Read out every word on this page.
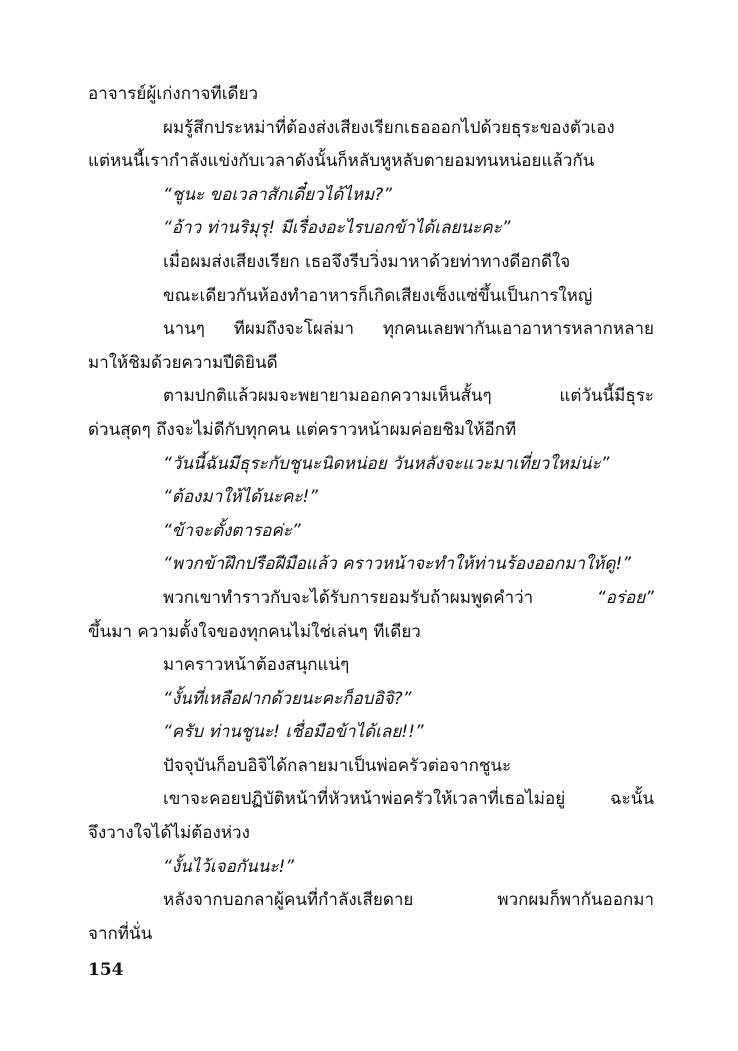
อาจารย์ผู้เก่งกาจทีเดียว
ผมรู้สึกประหม่าที่ต้องส่งเสียงเรียกเธอออกไปด้วยธุระของตัวเอง
แต่หนนี้เรากำลังแข่งกับเวลาดังนั้นก็หลับหูหลับตายอมทนหน่อยแล้วกัน
“ชูนะ ขอเวลาสักเดี๋ยวได้ไหม?”
“อ้าว ท่านริมุรุ! มีเรื่องอะไรบอกข้าได้เลยนะคะ”
เมื่อผมส่งเสียงเรียก เธอจึงรีบวิ่งมาหาด้วยท่าทางดีอกดีใจ
ขณะเดียวกันห้องทำอาหารก็เกิดเสียงเซ็งแซ่ขึ้นเป็นการใหญ่
นานๆ ทีผมถึงจะโผล่มา ทุกคนเลยพากันเอาอาหารหลากหลาย
มาให้ชิมด้วยความปีติยินดี
ตามปกติแล้วผมจะพยายามออกความเห็นสั้นๆ แต่วันนี้มีธุระ
ด่วนสุดๆ ถึงจะไม่ดีกับทุกคน แต่คราวหน้าผมค่อยชิมให้อีกที
“วันนี้ฉันมีธุระกับชูนะนิดหน่อย วันหลังจะแวะมาเที่ยวใหม่น่ะ”
“ต้องมาให้ได้นะคะ!”
“ข้าจะตั้งตารอค่ะ”
“พวกข้าฝึกปรือฝีมือแล้ว คราวหน้าจะทำให้ท่านร้องออกมาให้ดู!”
พวกเขาทำราวกับจะได้รับการยอมรับถ้าผมพูดคำว่า “อร่อย”
ขึ้นมา ความตั้งใจของทุกคนไม่ใช่เล่นๆ ทีเดียว
มาคราวหน้าต้องสนุกแน่ๆ
“งั้นที่เหลือฝากด้วยนะคะก็อบอิจิ?”
“ครับ ท่านชูนะ! เชื่อมือข้าได้เลย!!”
ปัจจุบันก็อบอิจิได้กลายมาเป็นพ่อครัวต่อจากชูนะ
เขาจะคอยปฏิบัติหน้าที่หัวหน้าพ่อครัวให้เวลาที่เธอไม่อยู่ ฉะนั้น
จึงวางใจได้ไม่ต้องห่วง
“งั้นไว้เจอกันนะ!”
หลังจากบอกลาผู้คนที่กำลังเสียดาย พวกผมก็พากันออกมา
จากที่นั่น
154
